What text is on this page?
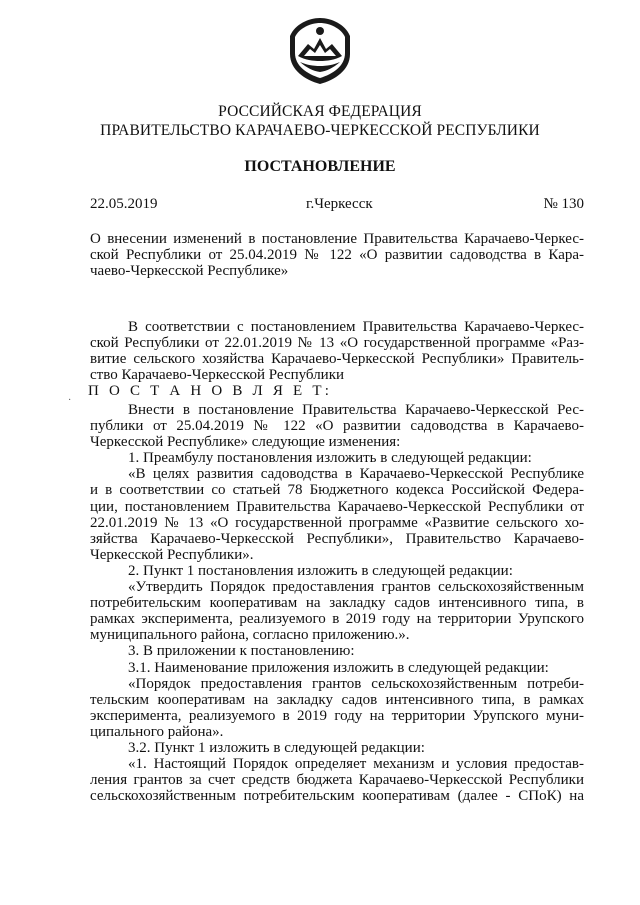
РОССИЙСКАЯ ФЕДЕРАЦИЯ
ПРАВИТЕЛЬСТВО КАРАЧАЕВО-ЧЕРКЕССКОЙ РЕСПУБЛИКИ
ПОСТАНОВЛЕНИЕ
22.05.2019	г.Черкесск	№ 130
О внесении изменений в постановление Правительства Карачаево-Черкес-
ской Республики от 25.04.2019 № 122 «О развитии садоводства в Кара-
чаево-Черкесской Республике»
В соответствии с постановлением Правительства Карачаево-Черкес-
ской Республики от 22.01.2019 № 13 «О государственной программе «Раз-
витие сельского хозяйства Карачаево-Черкесской Республики» Правитель-
ство Карачаево-Черкесской Республики
·
П О С Т А Н О В Л Я Е Т:
Внести в постановление Правительства Карачаево-Черкесской Рес-
публики от 25.04.2019 № 122 «О развитии садоводства в Карачаево-
Черкесской Республике» следующие изменения:
1. Преамбулу постановления изложить в следующей редакции:
«В целях развития садоводства в Карачаево-Черкесской Республике
и в соответствии со статьей 78 Бюджетного кодекса Российской Федера-
ции, постановлением Правительства Карачаево-Черкесской Республики от
22.01.2019 № 13 «О государственной программе «Развитие сельского хо-
зяйства Карачаево-Черкесской Республики», Правительство Карачаево-
Черкесской Республики».
2. Пункт 1 постановления изложить в следующей редакции:
«Утвердить Порядок предоставления грантов сельскохозяйственным
потребительским кооперативам на закладку садов интенсивного типа, в
рамках эксперимента, реализуемого в 2019 году на территории Урупского
муниципального района, согласно приложению.».
3. В приложении к постановлению:
3.1. Наименование приложения изложить в следующей редакции:
«Порядок предоставления грантов сельскохозяйственным потреби-
тельским кооперативам на закладку садов интенсивного типа, в рамках
эксперимента, реализуемого в 2019 году на территории Урупского муни-
ципального района».
3.2. Пункт 1 изложить в следующей редакции:
«1. Настоящий Порядок определяет механизм и условия предостав-
ления грантов за счет средств бюджета Карачаево-Черкесской Республики
сельскохозяйственным потребительским кооперативам (далее - СПоК) на
